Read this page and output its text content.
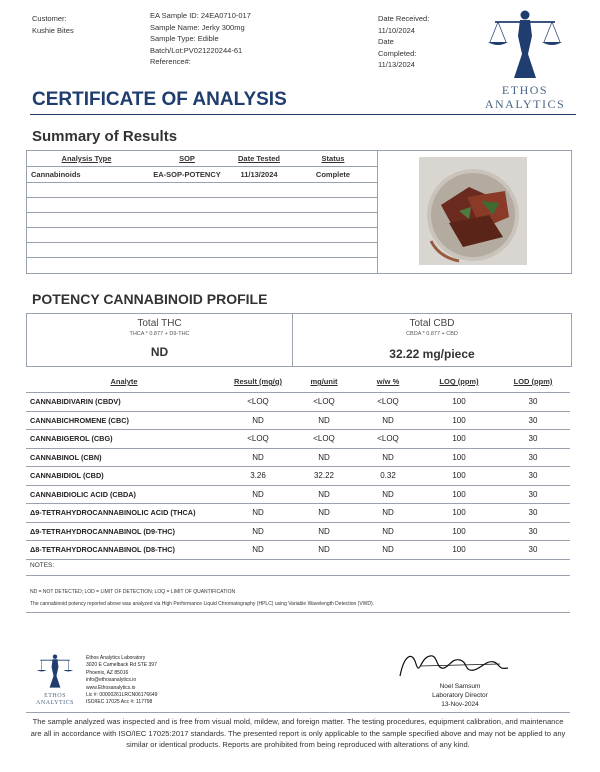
Customer:
Kushie Bites
EA Sample ID: 24EA0710-017
Sample Name: Jerky 300mg
Sample Type: Edible
Batch/Lot:PV021220244-61
Reference#:
Date Received:
11/10/2024
Date
Completed:
11/13/2024
ETHOS
ANALYTICS
CERTIFICATE OF ANALYSIS
Summary of Results
Analysis Type	SOP	Date Tested	Status
Cannabinoids	EA-SOP-POTENCY	11/13/2024	Complete
POTENCY CANNABINOID PROFILE
Total THC
THCA * 0.877 + D9-THC
ND
Total CBD
CBDA * 0.877 + CBD
32.22 mg/piece
Analyte	Result (mg/g)	mg/unit	w/w %	LOQ (ppm)	LOD (ppm)
CANNABIDIVARIN (CBDV)	<LOQ	<LOQ	<LOQ	100	30
CANNABICHROMENE (CBC)	ND	ND	ND	100	30
CANNABIGEROL (CBG)	<LOQ	<LOQ	<LOQ	100	30
CANNABINOL (CBN)	ND	ND	ND	100	30
CANNABIDIOL (CBD)	3.26	32.22	0.32	100	30
CANNABIDIOLIC ACID (CBDA)	ND	ND	ND	100	30
Δ9-TETRAHYDROCANNABINOLIC ACID (THCA)	ND	ND	ND	100	30
Δ9-TETRAHYDROCANNABINOL (D9-THC)	ND	ND	ND	100	30
Δ8-TETRAHYDROCANNABINOL (D8-THC)	ND	ND	ND	100	30
NOTES:
ND = NOT DETECTED; LOD = LIMIT OF DETECTION; LOQ = LIMIT OF QUANTIFICATION
The cannabinoid potency reported above was analyzed via High Performance Liquid Chromatography (HPLC) using Variable Wavelength Detection (VWD).
ETHOS
ANALYTICS
Ethos Analytics Laboratory
3020 E Camelback Rd STE 397
Phoenix, AZ 85016
info@ethosanalytics.io
www.Ethosanalytics.io
Lic #: 00000261LRCN06176649
ISO/IEC 17025 Acc #: 117798
Noel Samsum
Laboratory Director
13-Nov-2024
The sample analyzed was inspected and is free from visual mold, mildew, and foreign matter. The testing procedures, equipment calibration, and maintenance are all in accordance with ISO/IEC 17025:2017 standards. The presented report is only applicable to the sample specified above and may not be applied to any similar or identical products. Reports are prohibited from being reproduced with alterations of any kind.
